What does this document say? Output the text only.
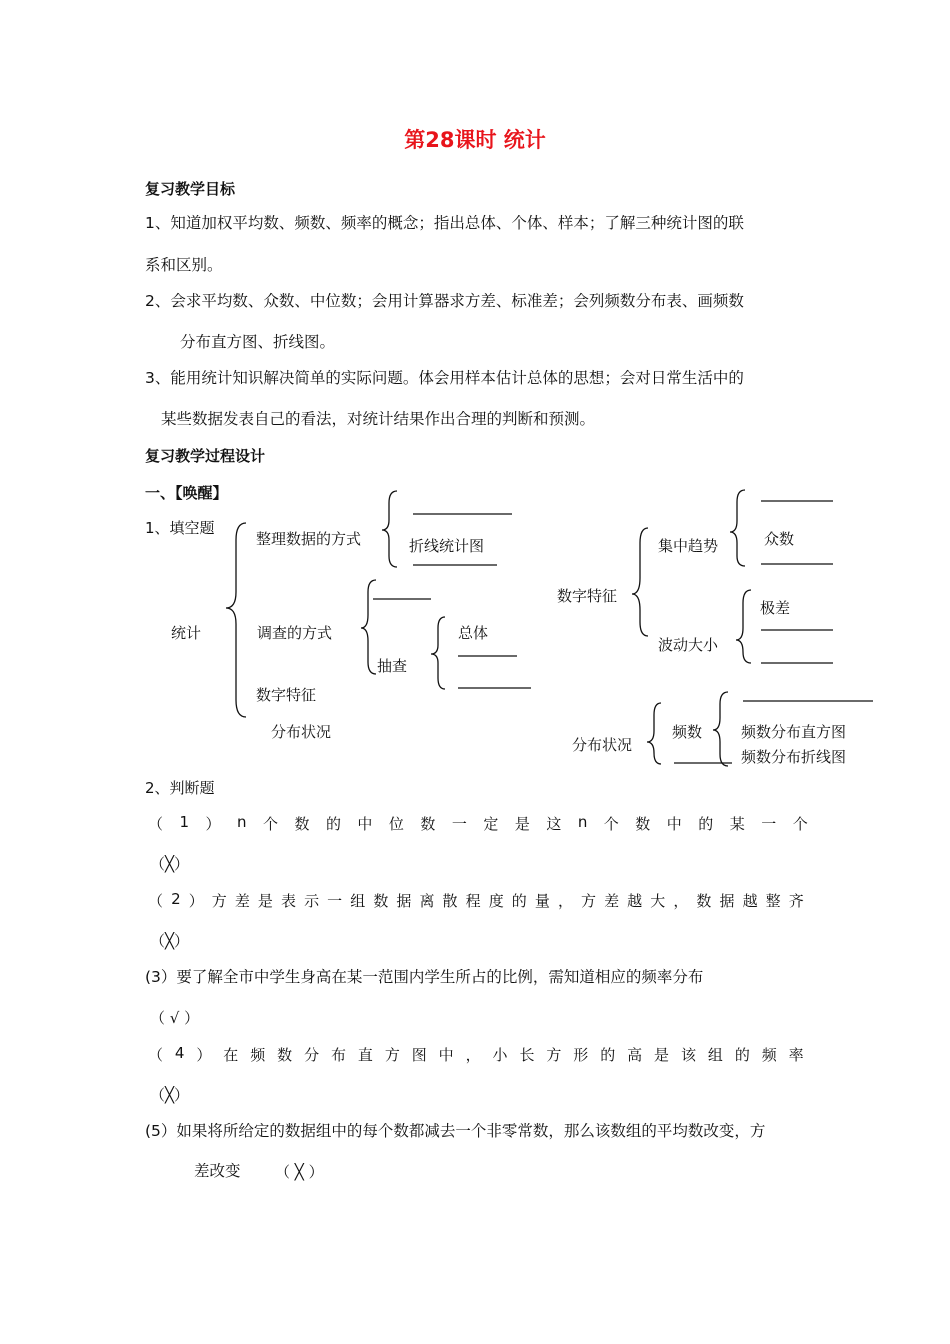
第28课时 统计
复习教学目标
1、知道加权平均数、频数、频率的概念；指出总体、个体、样本；了解三种统计图的联
系和区别。
2、会求平均数、众数、中位数；会用计算器求方差、标准差；会列频数分布表、画频数
分布直方图、折线图。
3、能用统计知识解决简单的实际问题。体会用样本估计总体的思想；会对日常生活中的
某些数据发表自己的看法，对统计结果作出合理的判断和预测。
复习教学过程设计
一、【唤醒】
1、填空题
统计
整理数据的方式	折线统计图
调查的方式
抽查
总体
数字特征
分布状况
数字特征
集中趋势	众数
波动大小
极差
分布状况
频数	频数分布直方图
频数分布折线图
2、判断题
（ 1 ） n 个 数 的 中 位 数 一 定 是 这 n 个 数 中 的 某 一 个
（╳）
（ 2 ） 方 差 是 表 示 一 组 数 据 离 散 程 度 的 量 ， 方 差 越 大 ， 数 据 越 整 齐
（╳）
(3）要了解全市中学生身高在某一范围内学生所占的比例，需知道相应的频率分布
（ √ ）
（ 4 ） 在 频 数 分 布 直 方 图 中 ， 小 长 方 形 的 高 是 该 组 的 频 率
（╳）
(5）如果将所给定的数据组中的每个数都减去一个非零常数，那么该数组的平均数改变，方
差改变 （ ╳ ）
